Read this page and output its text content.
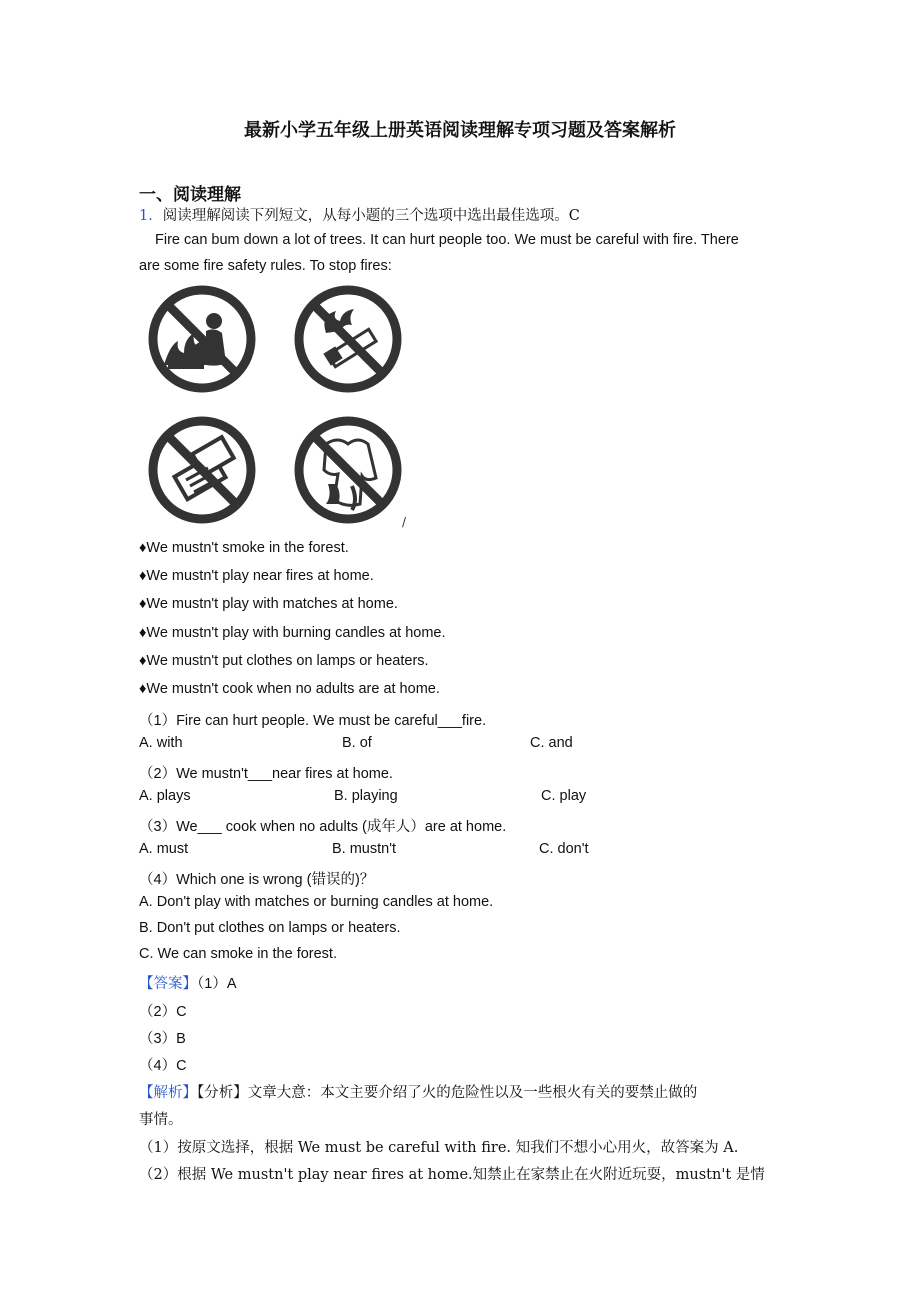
最新小学五年级上册英语阅读理解专项习题及答案解析
一、阅读理解
1．阅读理解阅读下列短文，从每小题的三个选项中选出最佳选项。C
Fire can bum down a lot of trees. It can hurt people too. We must be careful with fire. There
are some fire safety rules. To stop fires:
/
♦We mustn't smoke in the forest.
♦We mustn't play near fires at home.
♦We mustn't play with matches at home.
♦We mustn't play with burning candles at home.
♦We mustn't put clothes on lamps or heaters.
♦We mustn't cook when no adults are at home.
（1）Fire can hurt people. We must be careful___fire.
A. with	B. of	C. and
（2）We mustn't___near fires at home.
A. plays	B. playing	C. play
（3）We___ cook when no adults (成年人）are at home.
A. must	B. mustn't	C. don't
（4）Which one is wrong (错误的)？
A. Don't play with matches or burning candles at home.
B. Don't put clothes on lamps or heaters.
C. We can smoke in the forest.
【答案】（1）A
（2）C
（3）B
（4）C
【解析】【分析】文章大意：本文主要介绍了火的危险性以及一些根火有关的要禁止做的
事情。
（1）按原文选择，根据 We must be careful with fire. 知我们不想小心用火，故答案为 A.
（2）根据 We mustn't play near fires at home.知禁止在家禁止在火附近玩耍，mustn't 是情
